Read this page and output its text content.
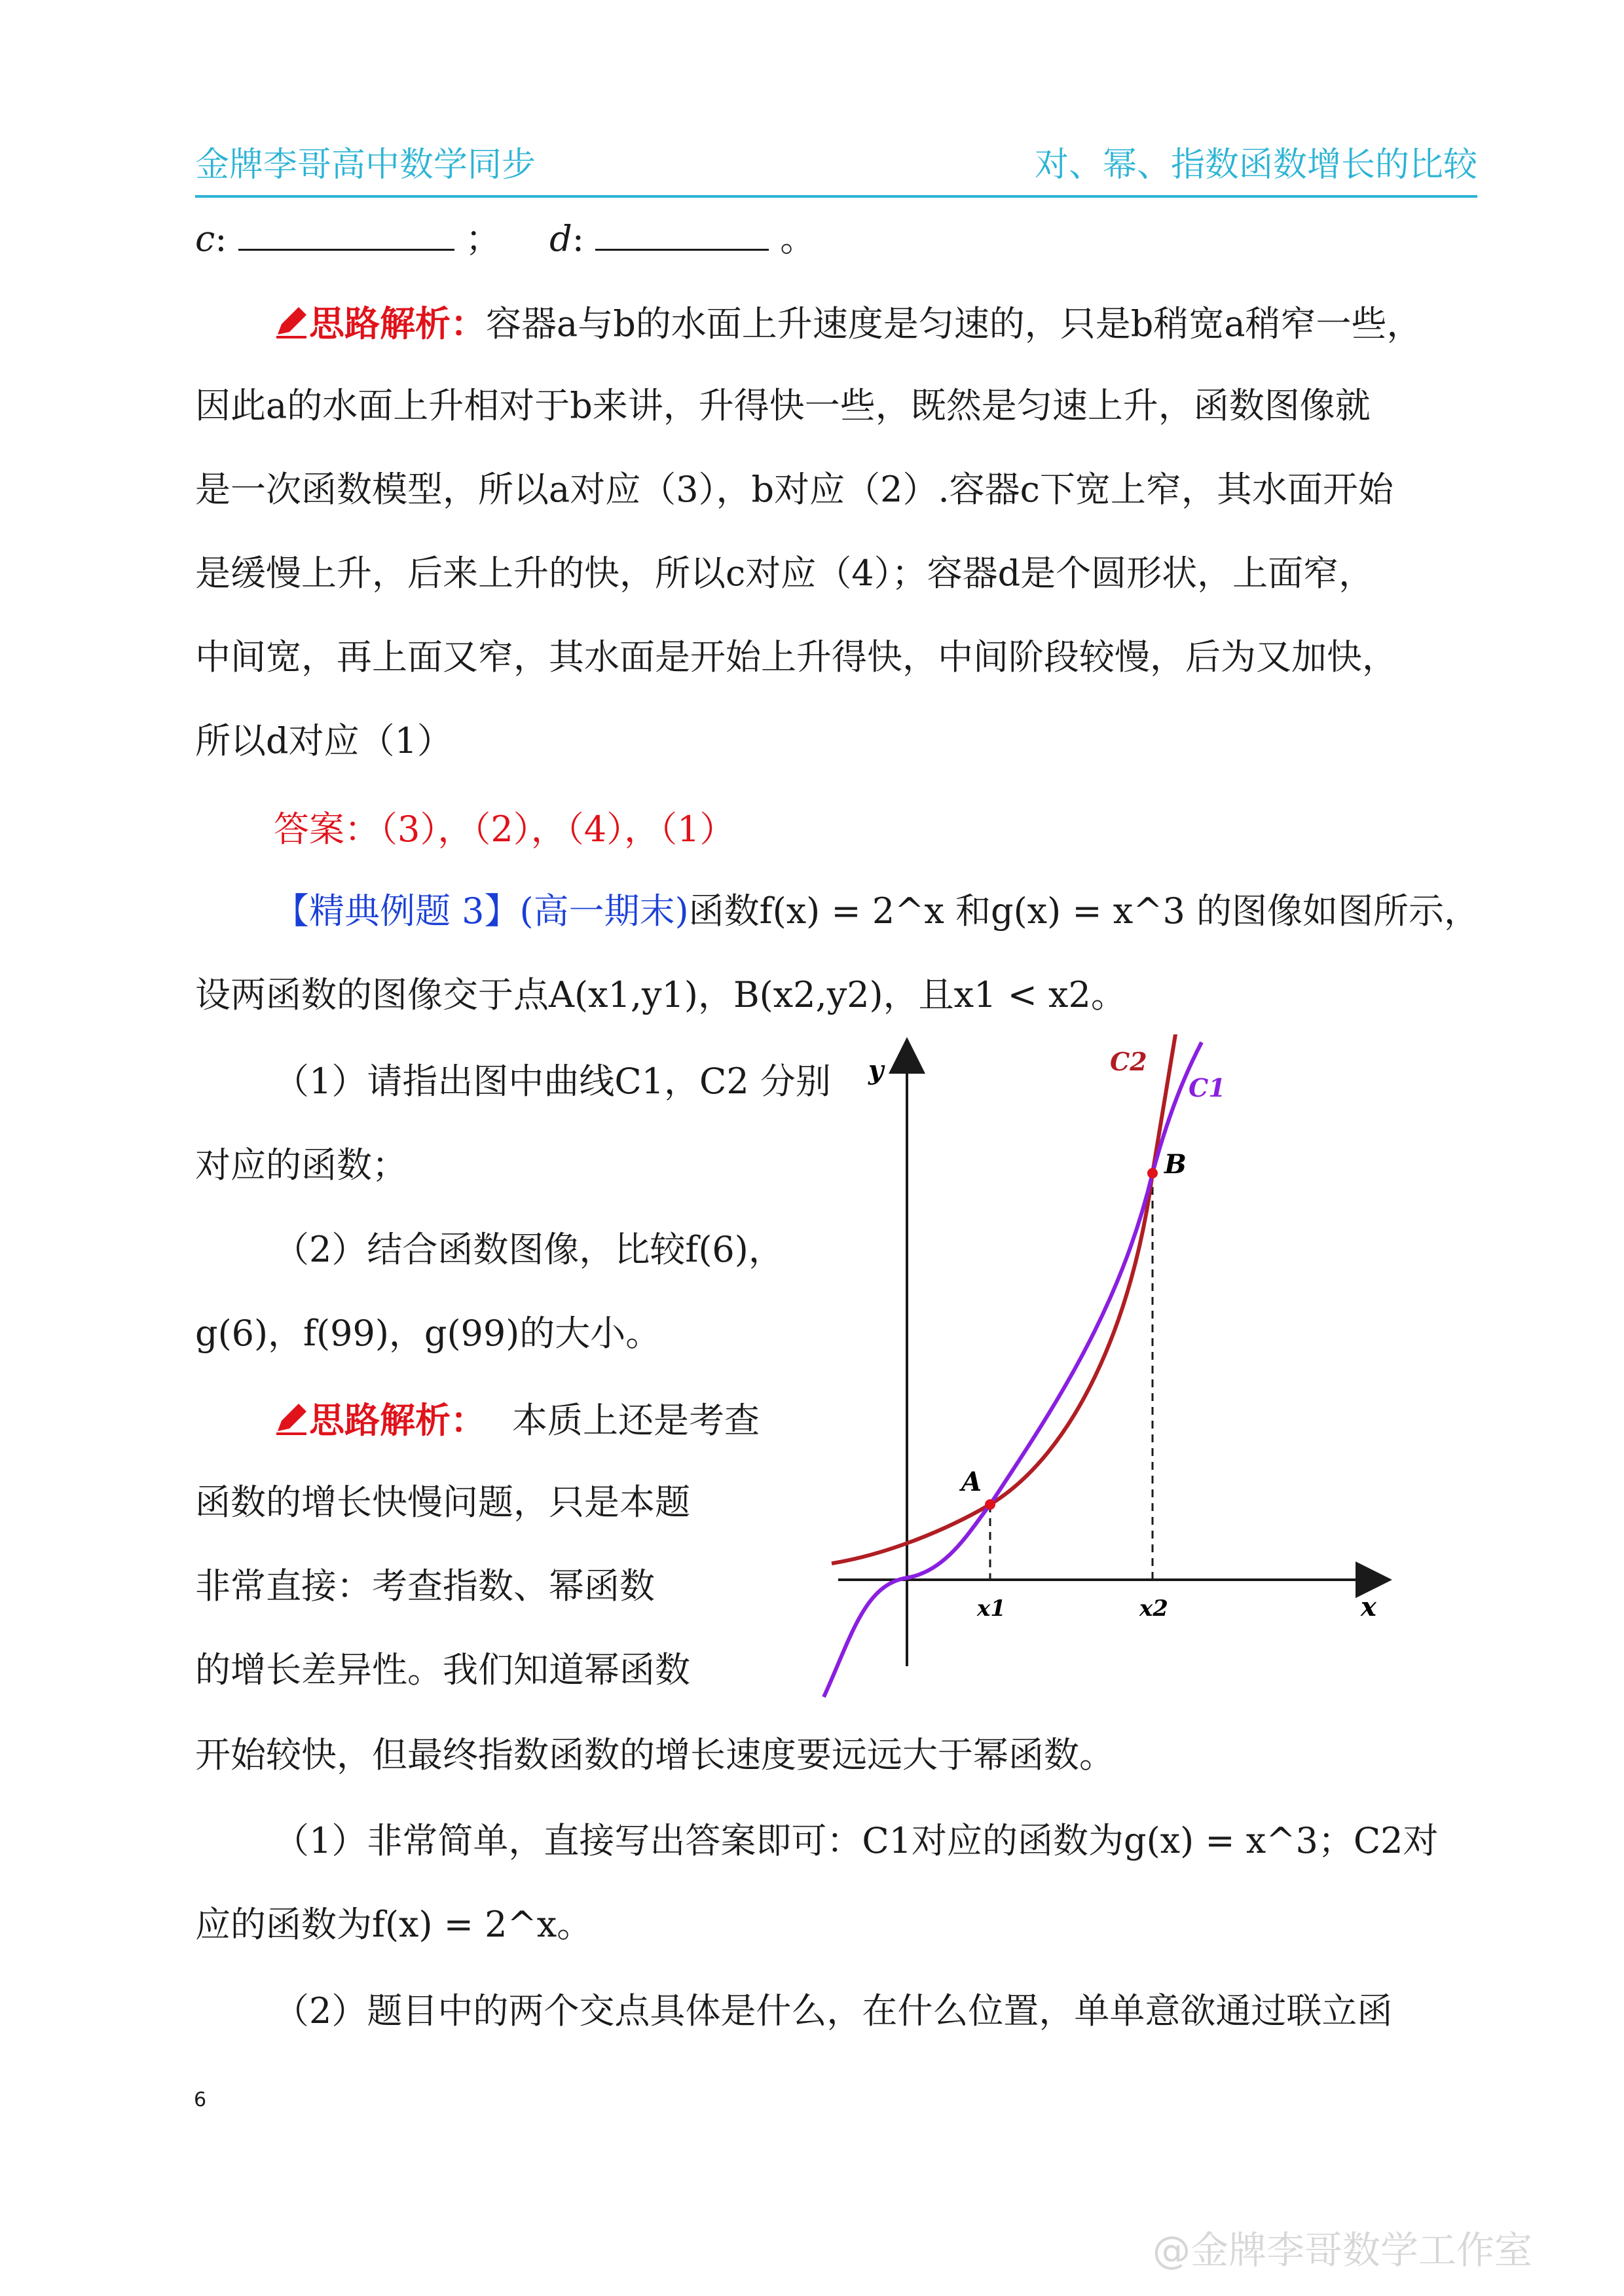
金牌李哥高中数学同步	对、幂、指数函数增长的比较
c:	； d:	。
思路解析：容器a与b的水面上升速度是匀速的，只是b稍宽a稍窄一些，
因此a的水面上升相对于b来讲，升得快一些，既然是匀速上升，函数图像就
是一次函数模型，所以a对应（3），b对应（2）.容器c下宽上窄，其水面开始
是缓慢上升，后来上升的快，所以c对应（4）；容器d是个圆形状，上面窄，
中间宽，再上面又窄，其水面是开始上升得快，中间阶段较慢，后为又加快，
所以d对应（1）
答案：（3），（2），（4），（1）
【精典例题 3】(高一期末)函数f(x) = 2^x 和g(x) = x^3 的图像如图所示，
设两函数的图像交于点A(x1,y1)，B(x2,y2)，且x1 < x2。
（1）请指出图中曲线C1，C2 分别
对应的函数；
（2）结合函数图像，比较f(6)，
g(6)，f(99)，g(99)的大小。
思路解析： 本质上还是考查
函数的增长快慢问题，只是本题
非常直接：考查指数、幂函数
的增长差异性。我们知道幂函数
开始较快，但最终指数函数的增长速度要远远大于幂函数。
（1）非常简单，直接写出答案即可：C1对应的函数为g(x) = x^3；C2对
应的函数为f(x) = 2^x。
（2）题目中的两个交点具体是什么，在什么位置，单单意欲通过联立函
y
x
A
B
C2
C1
x1	x2
6
@金牌李哥数学工作室
